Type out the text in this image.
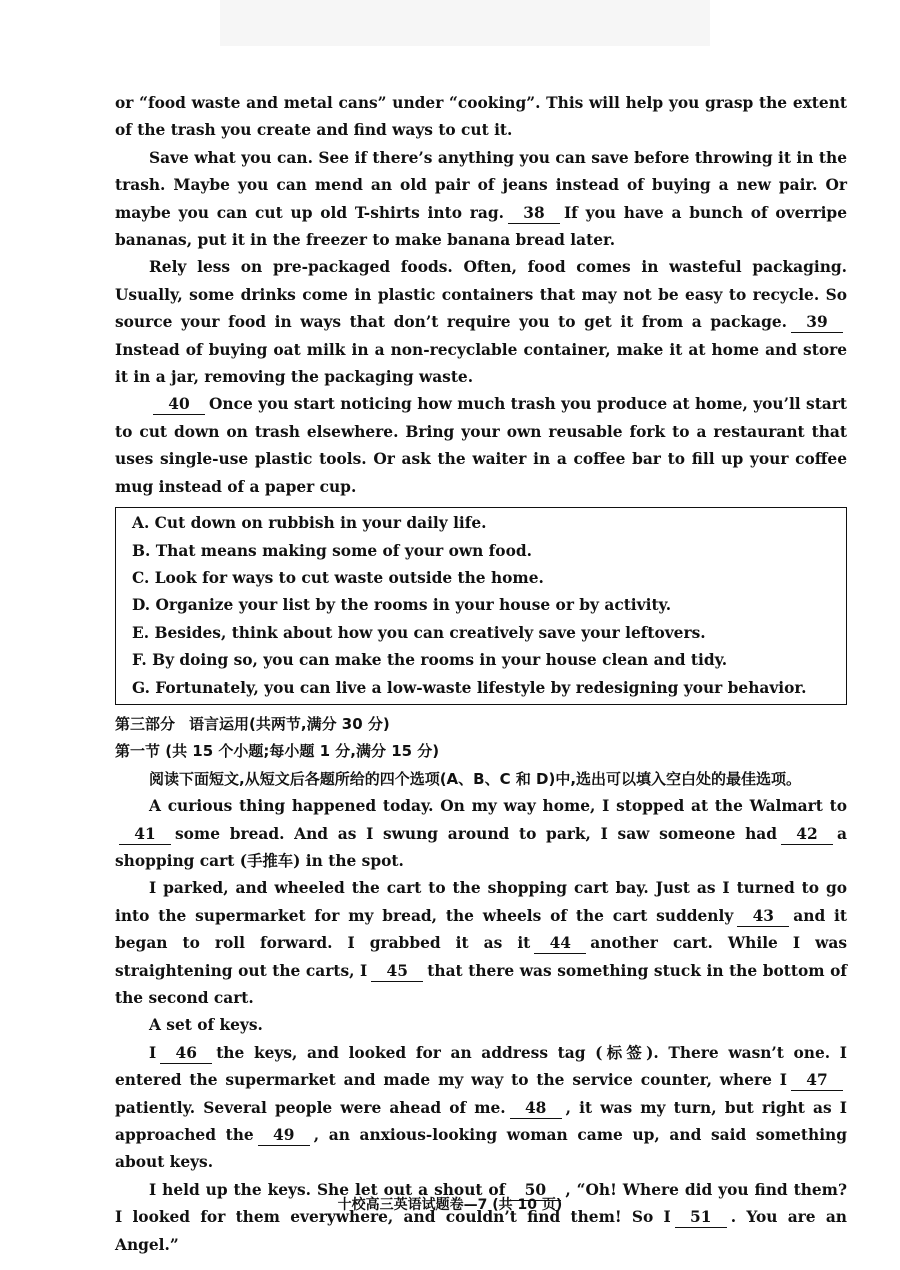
or “food waste and metal cans” under “cooking”. This will help you grasp the extent of the trash you create and find ways to cut it.

Save what you can. See if there’s anything you can save before throwing it in the trash. Maybe you can mend an old pair of jeans instead of buying a new pair. Or maybe you can cut up old T-shirts into rag. 38 If you have a bunch of overripe bananas, put it in the freezer to make banana bread later.

Rely less on pre-packaged foods. Often, food comes in wasteful packaging. Usually, some drinks come in plastic containers that may not be easy to recycle. So source your food in ways that don’t require you to get it from a package. 39Instead of buying oat milk in a non-recyclable container, make it at home and store it in a jar, removing the packaging waste.

40 Once you start noticing how much trash you produce at home, you’ll start to cut down on trash elsewhere. Bring your own reusable fork to a restaurant that uses single-use plastic tools. Or ask the waiter in a coffee bar to fill up your coffee mug instead of a paper cup.

A. Cut down on rubbish in your daily life.
B. That means making some of your own food.
C. Look for ways to cut waste outside the home.
D. Organize your list by the rooms in your house or by activity.
E. Besides, think about how you can creatively save your leftovers.
F. By doing so, you can make the rooms in your house clean and tidy.
G. Fortunately, you can live a low-waste lifestyle by redesigning your behavior.

第三部分 语言运用(共两节,满分 30 分)

第一节 (共 15 个小题;每小题 1 分,满分 15 分)

阅读下面短文,从短文后各题所给的四个选项(A、B、C 和 D)中,选出可以填入空白处的最佳选项。

A curious thing happened today. On my way home, I stopped at the Walmart to41 some bread. And as I swung around to park, I saw someone had 42 a shopping cart (手推车) in the spot.

I parked, and wheeled the cart to the shopping cart bay. Just as I turned to go into the supermarket for my bread, the wheels of the cart suddenly 43 and it began to roll forward. I grabbed it as it 44 another cart. While I was straightening out the carts, I 45 that there was something stuck in the bottom of the second cart.

A set of keys.

I 46 the keys, and looked for an address tag (标签). There wasn’t one. I entered the supermarket and made my way to the service counter, where I 47patiently. Several people were ahead of me. 48 , it was my turn, but right as I approached the 49 , an anxious-looking woman came up, and said something about keys.

I held up the keys. She let out a shout of 50 , “Oh! Where did you find them? I looked for them everywhere, and couldn’t find them! So I 51 . You are an Angel.”

十校高三英语试题卷—7 (共 10 页)
